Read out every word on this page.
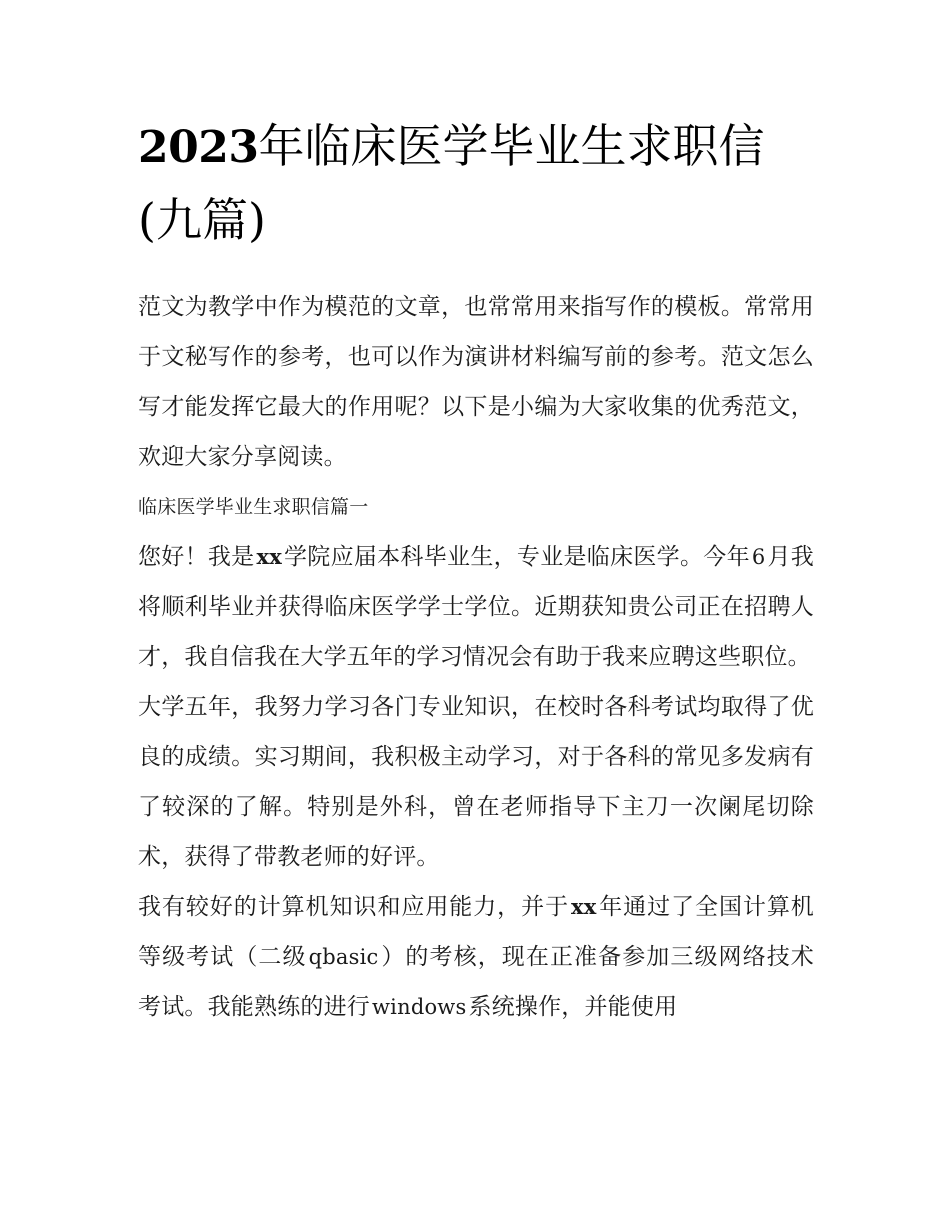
2023年临床医学毕业生求职信(九篇)

范文为教学中作为模范的文章，也常常用来指写作的模板。常常用于文秘写作的参考，也可以作为演讲材料编写前的参考。范文怎么写才能发挥它最大的作用呢？以下是小编为大家收集的优秀范文，欢迎大家分享阅读。

临床医学毕业生求职信篇一

您好！我是xx学院应届本科毕业生，专业是临床医学。今年6月我将顺利毕业并获得临床医学学士学位。近期获知贵公司正在招聘人才，我自信我在大学五年的学习情况会有助于我来应聘这些职位。

大学五年，我努力学习各门专业知识，在校时各科考试均取得了优良的成绩。实习期间，我积极主动学习，对于各科的常见多发病有了较深的了解。特别是外科，曾在老师指导下主刀一次阑尾切除术，获得了带教老师的好评。

我有较好的计算机知识和应用能力，并于xx年通过了全国计算机等级考试（二级qbasic）的考核，现在正准备参加三级网络技术考试。我能熟练的进行windows系统操作，并能使用
